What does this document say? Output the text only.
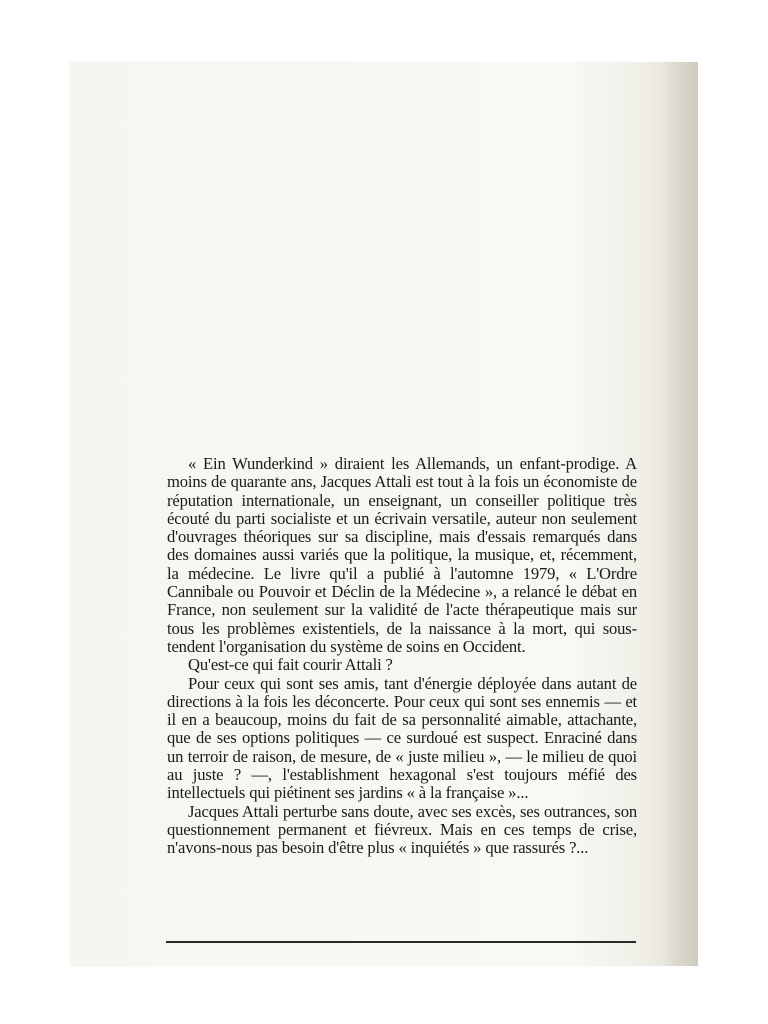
« Ein Wunderkind » diraient les Allemands, un enfant-prodige. A moins de quarante ans, Jacques Attali est tout à la fois un économiste de réputation internationale, un enseignant, un conseiller politique très écouté du parti socialiste et un écrivain versatile, auteur non seulement d'ouvrages théoriques sur sa discipline, mais d'essais remarqués dans des domaines aussi variés que la politique, la musique, et, récemment, la médecine. Le livre qu'il a publié à l'automne 1979, « L'Ordre Cannibale ou Pouvoir et Déclin de la Médecine », a relancé le débat en France, non seulement sur la validité de l'acte thérapeutique mais sur tous les problèmes existentiels, de la naissance à la mort, qui sous-tendent l'organisation du système de soins en Occident.

Qu'est-ce qui fait courir Attali ?

Pour ceux qui sont ses amis, tant d'énergie déployée dans autant de directions à la fois les déconcerte. Pour ceux qui sont ses ennemis — et il en a beaucoup, moins du fait de sa personnalité aimable, attachante, que de ses options politiques — ce surdoué est suspect. Enraciné dans un terroir de raison, de mesure, de « juste milieu », — le milieu de quoi au juste ? —, l'establishment hexagonal s'est toujours méfié des intellectuels qui piétinent ses jardins « à la française »...

Jacques Attali perturbe sans doute, avec ses excès, ses outrances, son questionnement permanent et fiévreux. Mais en ces temps de crise, n'avons-nous pas besoin d'être plus « inquiétés » que rassurés ?...
